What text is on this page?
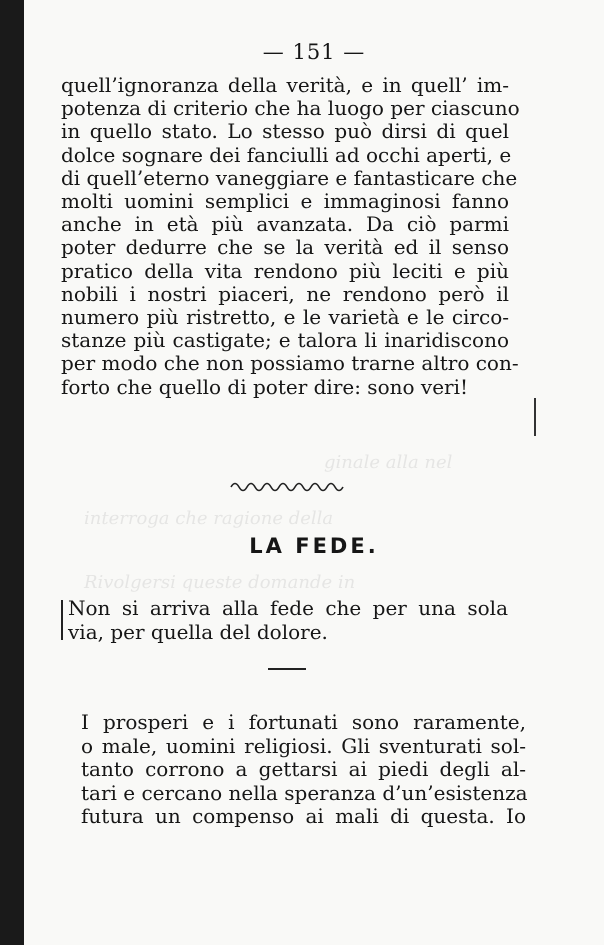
ginale alla nel
interroga che ragione della
Rivolgersi queste domande in
— 151 —
quell’ignoranza della verità, e in quell’ im-
potenza di criterio che ha luogo per ciascuno
in quello stato. Lo stesso può dirsi di quel
dolce sognare dei fanciulli ad occhi aperti, e
di quell’eterno vaneggiare e fantasticare che
molti uomini semplici e immaginosi fanno
anche in età più avanzata. Da ciò parmi
poter dedurre che se la verità ed il senso
pratico della vita rendono più leciti e più
nobili i nostri piaceri, ne rendono però il
numero più ristretto, e le varietà e le circo-
stanze più castigate; e talora li inaridiscono
per modo che non possiamo trarne altro con-
forto che quello di poter dire: sono veri!
LA FEDE.
Non si arriva alla fede che per una sola
via, per quella del dolore.
I prosperi e i fortunati sono raramente,
o male, uomini religiosi. Gli sventurati sol-
tanto corrono a gettarsi ai piedi degli al-
tari e cercano nella speranza d’un’esistenza
futura un compenso ai mali di questa. Io
